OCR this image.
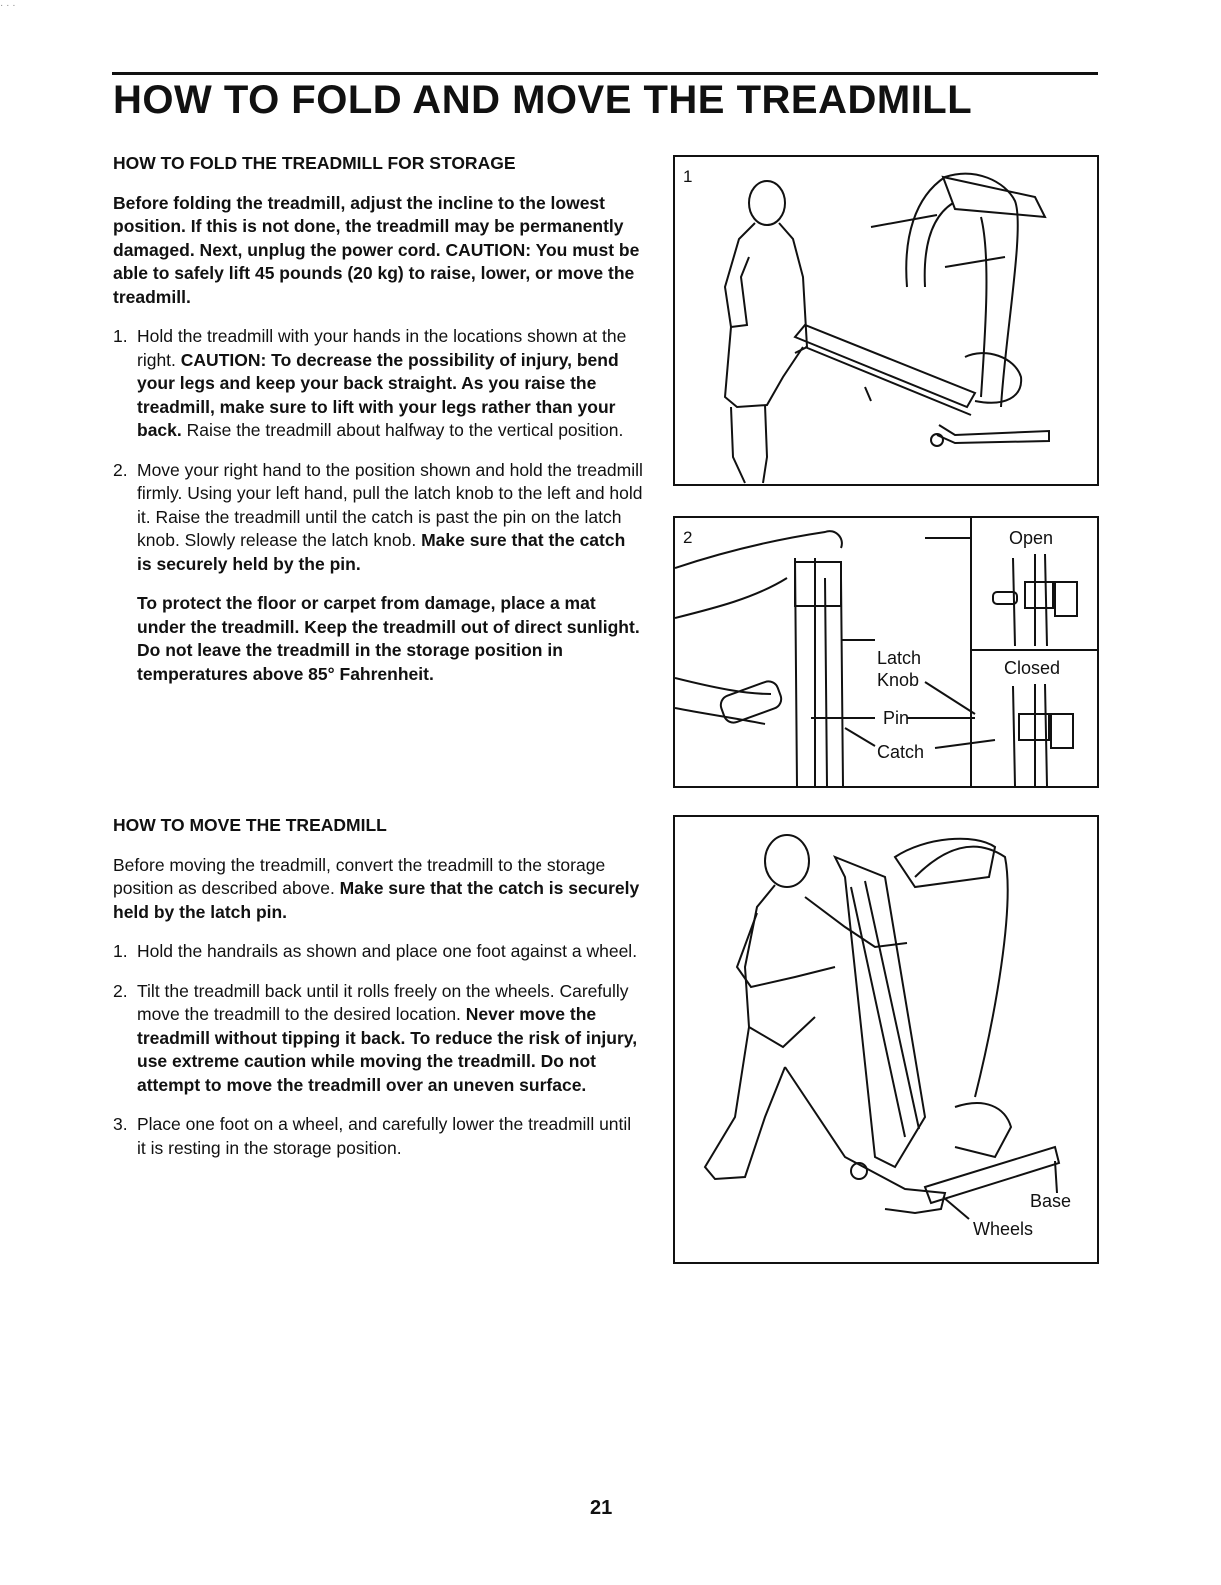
· · ·
HOW TO FOLD AND MOVE THE TREADMILL

HOW TO FOLD THE TREADMILL FOR STORAGE

Before folding the treadmill, adjust the incline to the lowest position. If this is not done, the treadmill may be permanently damaged. Next, unplug the power cord. CAUTION: You must be able to safely lift 45 pounds (20 kg) to raise, lower, or move the treadmill.

1. Hold the treadmill with your hands in the locations shown at the right. CAUTION: To decrease the possibility of injury, bend your legs and keep your back straight. As you raise the treadmill, make sure to lift with your legs rather than your back. Raise the treadmill about halfway to the vertical position.

2. Move your right hand to the position shown and hold the treadmill firmly. Using your left hand, pull the latch knob to the left and hold it. Raise the treadmill until the catch is past the pin on the latch knob. Slowly release the latch knob. Make sure that the catch is securely held by the pin.

To protect the floor or carpet from damage, place a mat under the treadmill. Keep the treadmill out of direct sunlight. Do not leave the treadmill in the storage position in temperatures above 85° Fahrenheit.

HOW TO MOVE THE TREADMILL

Before moving the treadmill, convert the treadmill to the storage position as described above. Make sure that the catch is securely held by the latch pin.

1. Hold the handrails as shown and place one foot against a wheel.

2. Tilt the treadmill back until it rolls freely on the wheels. Carefully move the treadmill to the desired location. Never move the treadmill without tipping it back. To reduce the risk of injury, use extreme caution while moving the treadmill. Do not attempt to move the treadmill over an uneven surface.

3. Place one foot on a wheel, and carefully lower the treadmill until it is resting in the storage position.

1
2	Open
Closed
Latch
Knob
Pin
Catch
Base
Wheels
21
